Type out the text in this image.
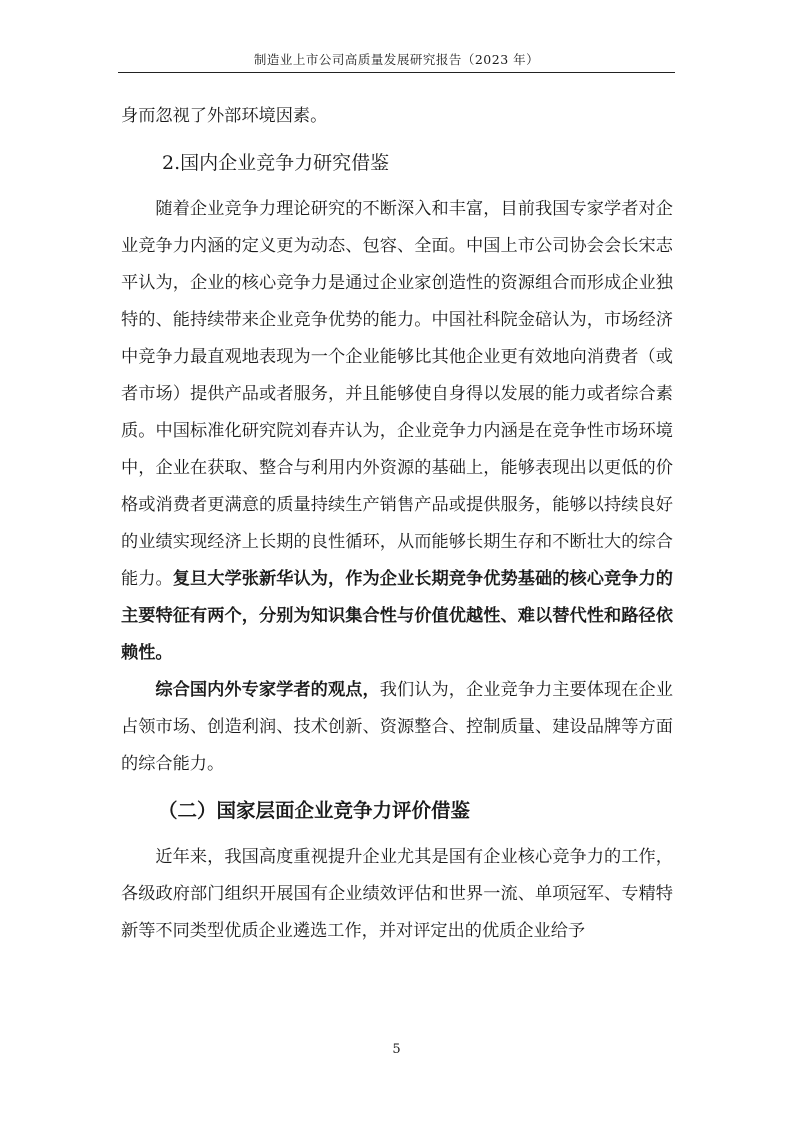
制造业上市公司高质量发展研究报告（2023 年）

身而忽视了外部环境因素。

2.国内企业竞争力研究借鉴

随着企业竞争力理论研究的不断深入和丰富，目前我国专家学者对企业竞争力内涵的定义更为动态、包容、全面。中国上市公司协会会长宋志平认为，企业的核心竞争力是通过企业家创造性的资源组合而形成企业独特的、能持续带来企业竞争优势的能力。中国社科院金碚认为，市场经济中竞争力最直观地表现为一个企业能够比其他企业更有效地向消费者（或者市场）提供产品或者服务，并且能够使自身得以发展的能力或者综合素质。中国标准化研究院刘春卉认为，企业竞争力内涵是在竞争性市场环境中，企业在获取、整合与利用内外资源的基础上，能够表现出以更低的价格或消费者更满意的质量持续生产销售产品或提供服务，能够以持续良好的业绩实现经济上长期的良性循环，从而能够长期生存和不断壮大的综合能力。复旦大学张新华认为，作为企业长期竞争优势基础的核心竞争力的主要特征有两个，分别为知识集合性与价值优越性、难以替代性和路径依赖性。

综合国内外专家学者的观点，我们认为，企业竞争力主要体现在企业占领市场、创造利润、技术创新、资源整合、控制质量、建设品牌等方面的综合能力。

（二）国家层面企业竞争力评价借鉴

近年来，我国高度重视提升企业尤其是国有企业核心竞争力的工作，各级政府部门组织开展国有企业绩效评估和世界一流、单项冠军、专精特新等不同类型优质企业遴选工作，并对评定出的优质企业给予

5
